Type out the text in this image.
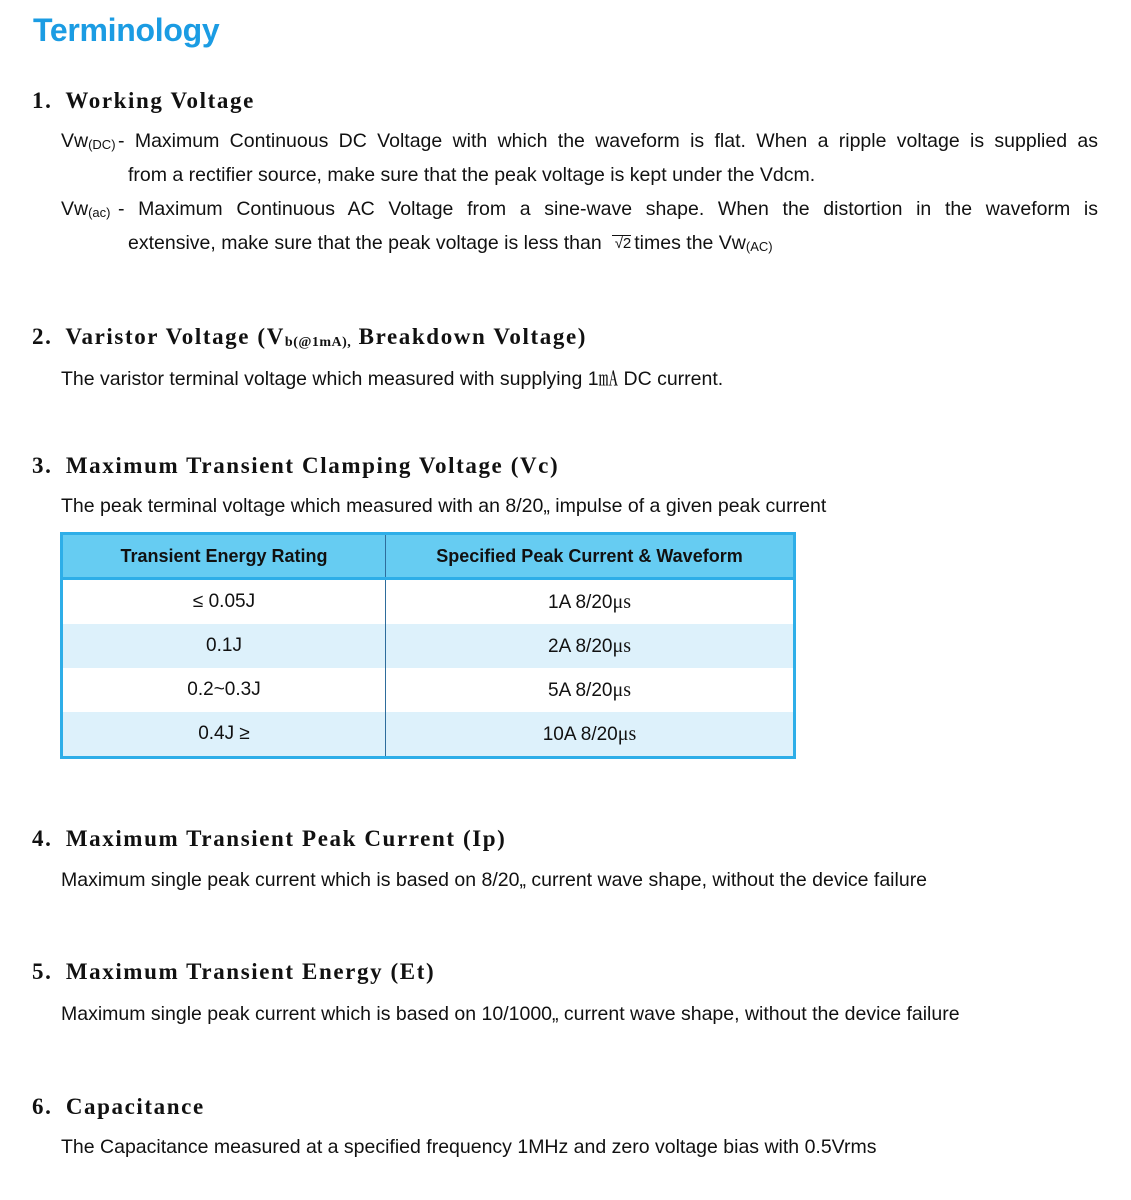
Terminology
1. Working Voltage
$Vw_{(DC)}$ - Maximum Continuous DC Voltage with which the waveform is flat. When a ripple voltage is supplied as
from a rectifier source, make sure that the peak voltage is kept under the Vdcm.
$Vw_{(ac)}$ - Maximum Continuous AC Voltage from a sine-wave shape. When the distortion in the waveform is
extensive, make sure that the peak voltage is less than √2 times the $Vw_{(AC)}$
2. Varistor Voltage ($V_{b(@1mA),}$ Breakdown Voltage)
The varistor terminal voltage which measured with supplying 1㎃ DC current.
3. Maximum Transient Clamping Voltage (Vc)
The peak terminal voltage which measured with an 8/20„ impulse of a given peak current
Transient Energy Rating	Specified Peak Current & Waveform
≤ 0.05J	1A 8/20μs
0.1J	2A 8/20μs
0.2~0.3J	5A 8/20μs
0.4J ≥	10A 8/20μs
4. Maximum Transient Peak Current (Ip)
Maximum single peak current which is based on 8/20„ current wave shape, without the device failure
5. Maximum Transient Energy (Et)
Maximum single peak current which is based on 10/1000„ current wave shape, without the device failure
6. Capacitance
The Capacitance measured at a specified frequency 1MHz and zero voltage bias with 0.5Vrms
